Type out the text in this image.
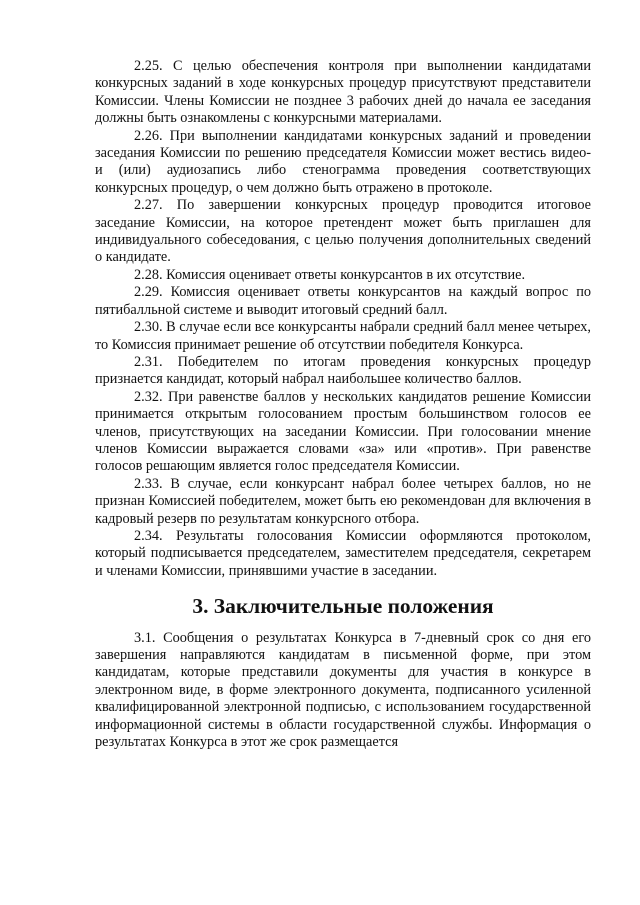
2.25. С целью обеспечения контроля при выполнении кандидатами конкурсных заданий в ходе конкурсных процедур присутствуют представители Комиссии. Члены Комиссии не позднее 3 рабочих дней до начала ее заседания должны быть ознакомлены с конкурсными материалами.

2.26. При выполнении кандидатами конкурсных заданий и проведении заседания Комиссии по решению председателя Комиссии может вестись видео- и (или) аудиозапись либо стенограмма проведения соответствующих конкурсных процедур, о чем должно быть отражено в протоколе.

2.27. По завершении конкурсных процедур проводится итоговое заседание Комиссии, на которое претендент может быть приглашен для индивидуального собеседования, с целью получения дополнительных сведений о кандидате.

2.28. Комиссия оценивает ответы конкурсантов в их отсутствие.

2.29. Комиссия оценивает ответы конкурсантов на каждый вопрос по пятибалльной системе и выводит итоговый средний балл.

2.30. В случае если все конкурсанты набрали средний балл менее четырех, то Комиссия принимает решение об отсутствии победителя Конкурса.

2.31. Победителем по итогам проведения конкурсных процедур признается кандидат, который набрал наибольшее количество баллов.

2.32. При равенстве баллов у нескольких кандидатов решение Комиссии принимается открытым голосованием простым большинством голосов ее членов, присутствующих на заседании Комиссии. При голосовании мнение членов Комиссии выражается словами «за» или «против». При равенстве голосов решающим является голос председателя Комиссии.

2.33. В случае, если конкурсант набрал более четырех баллов, но не признан Комиссией победителем, может быть ею рекомендован для включения в кадровый резерв по результатам конкурсного отбора.

2.34. Результаты голосования Комиссии оформляются протоколом, который подписывается председателем, заместителем председателя, секретарем и членами Комиссии, принявшими участие в заседании.

3. Заключительные положения

3.1. Сообщения о результатах Конкурса в 7-дневный срок со дня его завершения направляются кандидатам в письменной форме, при этом кандидатам, которые представили документы для участия в конкурсе в электронном виде, в форме электронного документа, подписанного усиленной квалифицированной электронной подписью, с использованием государственной информационной системы в области государственной службы. Информация о результатах Конкурса в этот же срок размещается
